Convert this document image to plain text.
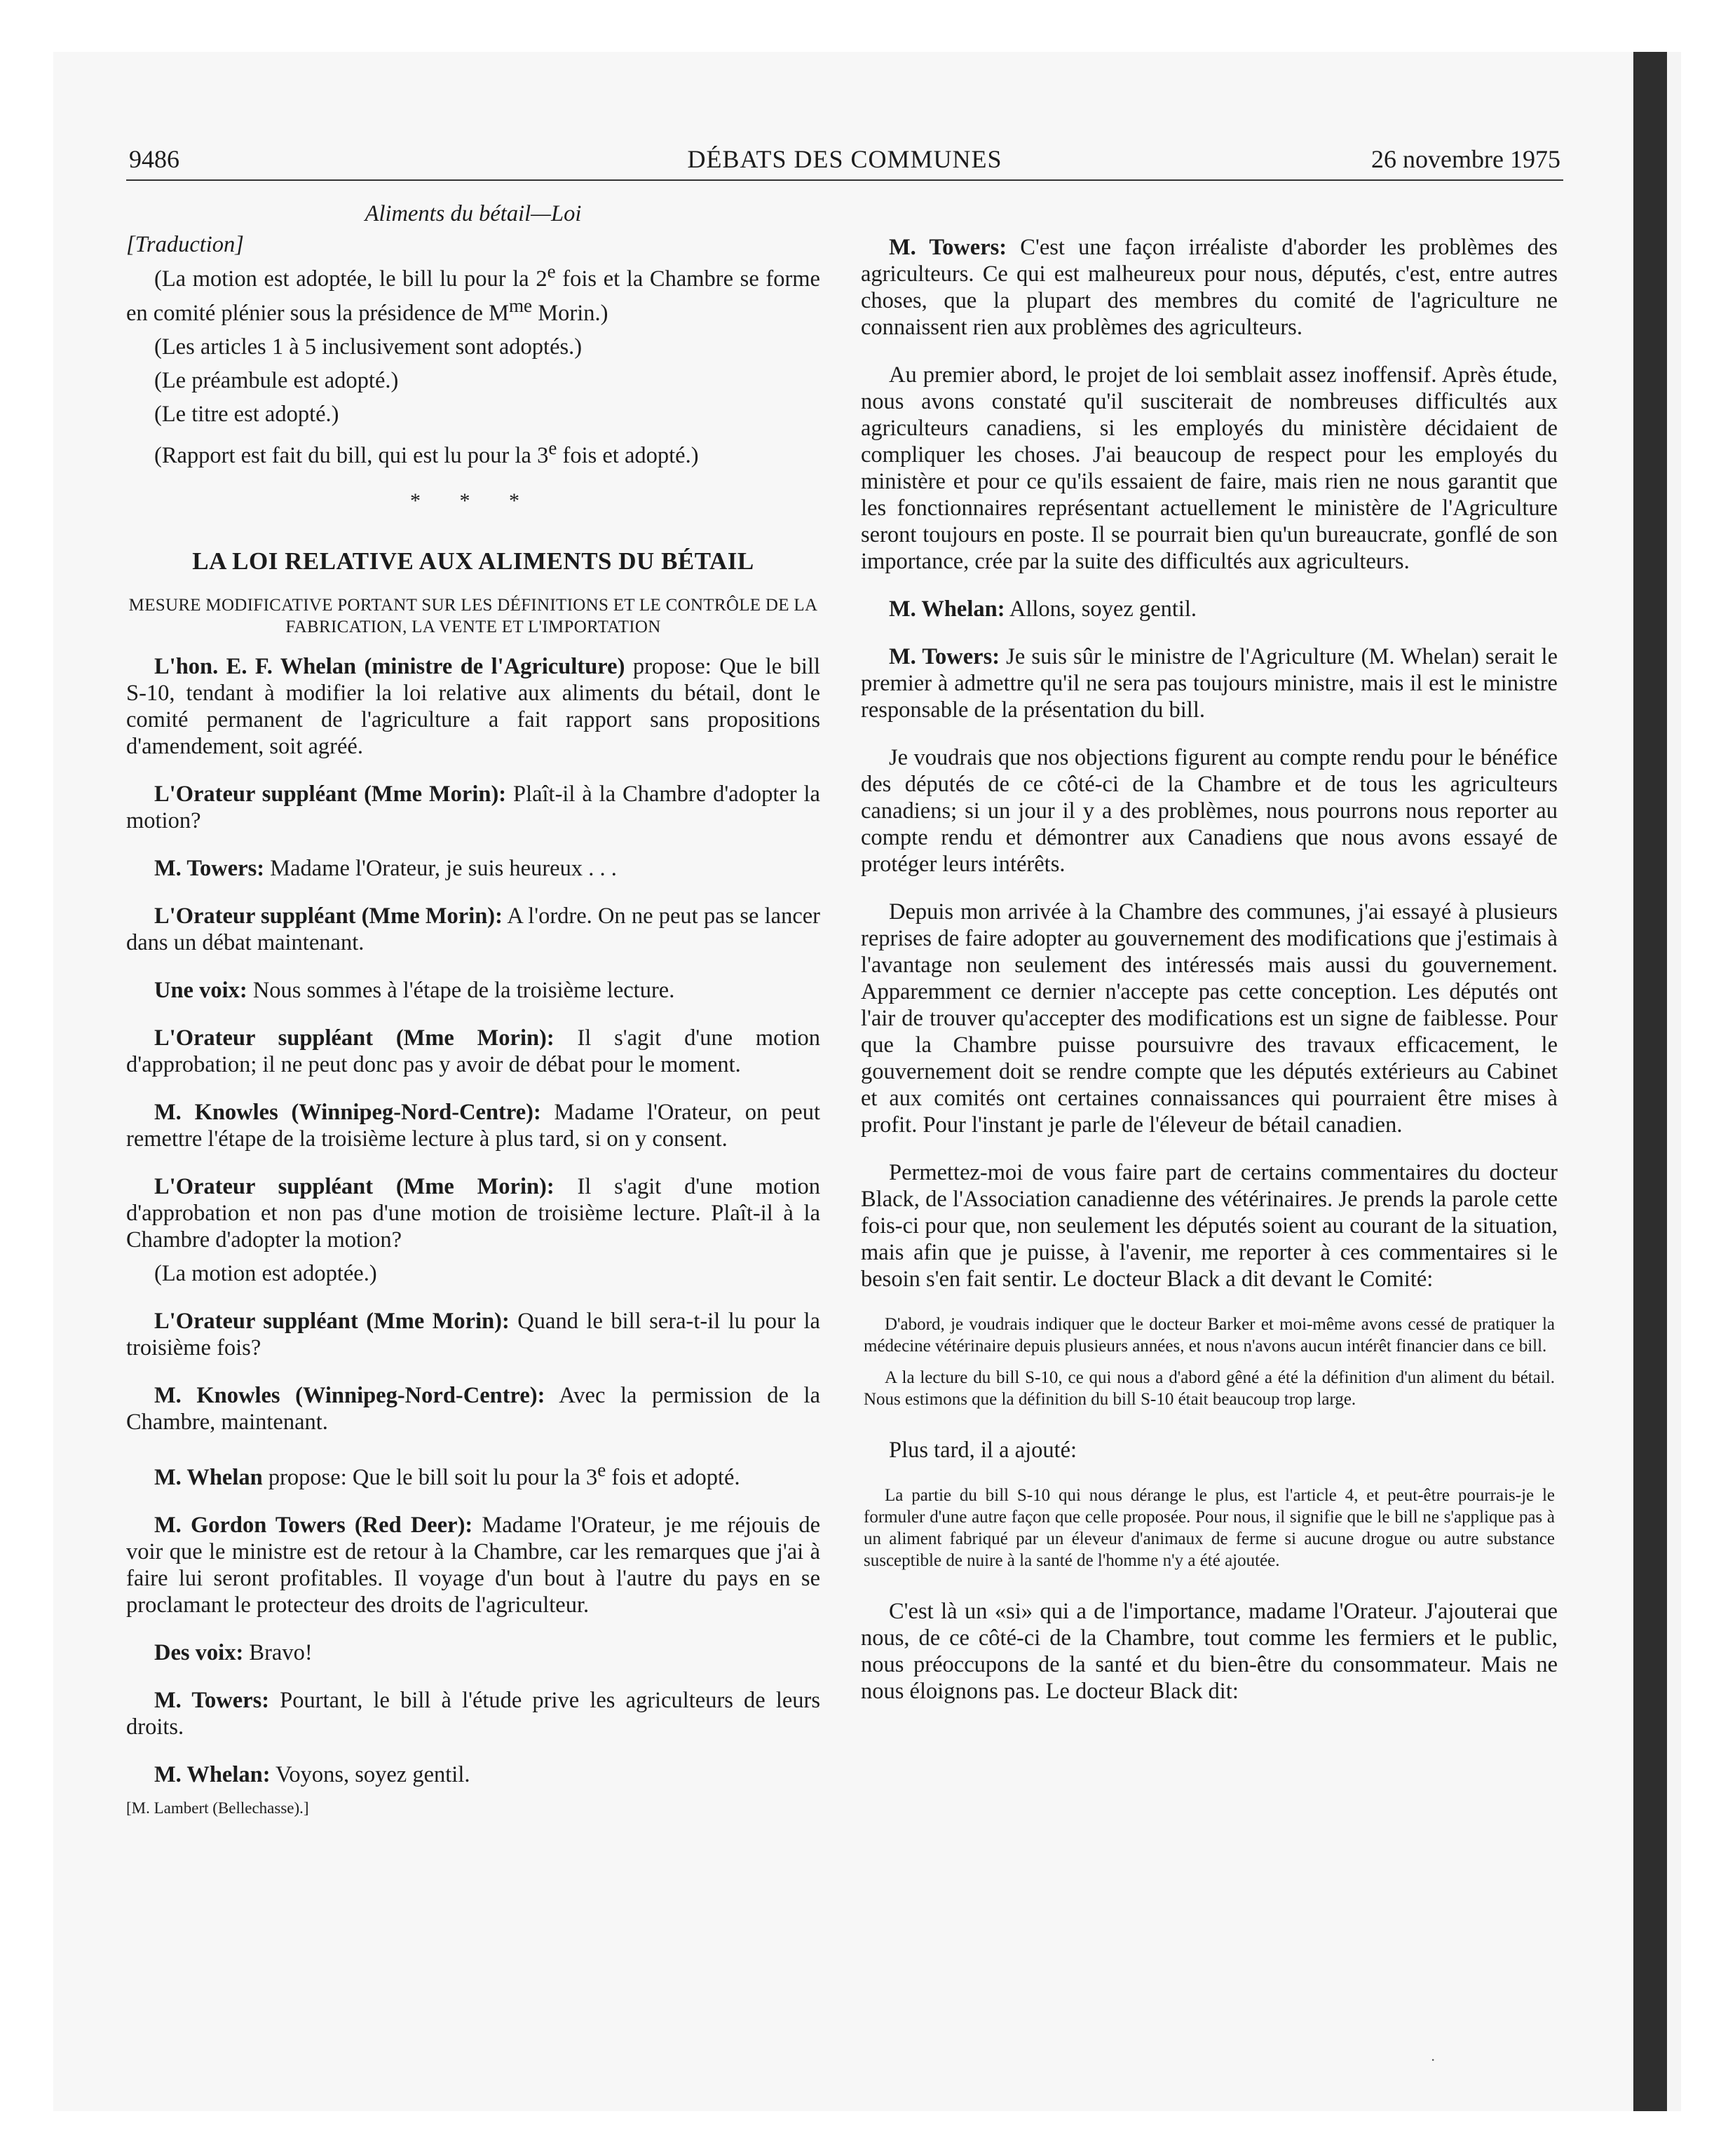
9486	DÉBATS DES COMMUNES	26 novembre 1975

Aliments du bétail—Loi

[Traduction]

(La motion est adoptée, le bill lu pour la 2e fois et la Chambre se forme en comité plénier sous la présidence de $M^{me}$ Morin.)

(Les articles 1 à 5 inclusivement sont adoptés.)

(Le préambule est adopté.)

(Le titre est adopté.)

(Rapport est fait du bill, qui est lu pour la 3e fois et adopté.)

* * *

LA LOI RELATIVE AUX ALIMENTS DU BÉTAIL

MESURE MODIFICATIVE PORTANT SUR LES DÉFINITIONS ET LE CONTRÔLE DE LA FABRICATION, LA VENTE ET L'IMPORTATION

L'hon. E. F. Whelan (ministre de l'Agriculture) propose: Que le bill S-10, tendant à modifier la loi relative aux aliments du bétail, dont le comité permanent de l'agriculture a fait rapport sans propositions d'amendement, soit agréé.

L'Orateur suppléant (Mme Morin): Plaît-il à la Chambre d'adopter la motion?

M. Towers: Madame l'Orateur, je suis heureux . . .

L'Orateur suppléant (Mme Morin): A l'ordre. On ne peut pas se lancer dans un débat maintenant.

Une voix: Nous sommes à l'étape de la troisième lecture.

L'Orateur suppléant (Mme Morin): Il s'agit d'une motion d'approbation; il ne peut donc pas y avoir de débat pour le moment.

M. Knowles (Winnipeg-Nord-Centre): Madame l'Orateur, on peut remettre l'étape de la troisième lecture à plus tard, si on y consent.

L'Orateur suppléant (Mme Morin): Il s'agit d'une motion d'approbation et non pas d'une motion de troisième lecture. Plaît-il à la Chambre d'adopter la motion?

(La motion est adoptée.)

L'Orateur suppléant (Mme Morin): Quand le bill sera-t-il lu pour la troisième fois?

M. Knowles (Winnipeg-Nord-Centre): Avec la permission de la Chambre, maintenant.

M. Whelan propose: Que le bill soit lu pour la 3e fois et adopté.

M. Gordon Towers (Red Deer): Madame l'Orateur, je me réjouis de voir que le ministre est de retour à la Chambre, car les remarques que j'ai à faire lui seront profitables. Il voyage d'un bout à l'autre du pays en se proclamant le protecteur des droits de l'agriculteur.

Des voix: Bravo!

M. Towers: Pourtant, le bill à l'étude prive les agriculteurs de leurs droits.

M. Whelan: Voyons, soyez gentil.

[M. Lambert (Bellechasse).]

M. Towers: C'est une façon irréaliste d'aborder les problèmes des agriculteurs. Ce qui est malheureux pour nous, députés, c'est, entre autres choses, que la plupart des membres du comité de l'agriculture ne connaissent rien aux problèmes des agriculteurs.

Au premier abord, le projet de loi semblait assez inoffensif. Après étude, nous avons constaté qu'il susciterait de nombreuses difficultés aux agriculteurs canadiens, si les employés du ministère décidaient de compliquer les choses. J'ai beaucoup de respect pour les employés du ministère et pour ce qu'ils essaient de faire, mais rien ne nous garantit que les fonctionnaires représentant actuellement le ministère de l'Agriculture seront toujours en poste. Il se pourrait bien qu'un bureaucrate, gonflé de son importance, crée par la suite des difficultés aux agriculteurs.

M. Whelan: Allons, soyez gentil.

M. Towers: Je suis sûr le ministre de l'Agriculture (M. Whelan) serait le premier à admettre qu'il ne sera pas toujours ministre, mais il est le ministre responsable de la présentation du bill.

Je voudrais que nos objections figurent au compte rendu pour le bénéfice des députés de ce côté-ci de la Chambre et de tous les agriculteurs canadiens; si un jour il y a des problèmes, nous pourrons nous reporter au compte rendu et démontrer aux Canadiens que nous avons essayé de protéger leurs intérêts.

Depuis mon arrivée à la Chambre des communes, j'ai essayé à plusieurs reprises de faire adopter au gouvernement des modifications que j'estimais à l'avantage non seulement des intéressés mais aussi du gouvernement. Apparemment ce dernier n'accepte pas cette conception. Les députés ont l'air de trouver qu'accepter des modifications est un signe de faiblesse. Pour que la Chambre puisse poursuivre des travaux efficacement, le gouvernement doit se rendre compte que les députés extérieurs au Cabinet et aux comités ont certaines connaissances qui pourraient être mises à profit. Pour l'instant je parle de l'éleveur de bétail canadien.

Permettez-moi de vous faire part de certains commentaires du docteur Black, de l'Association canadienne des vétérinaires. Je prends la parole cette fois-ci pour que, non seulement les députés soient au courant de la situation, mais afin que je puisse, à l'avenir, me reporter à ces commentaires si le besoin s'en fait sentir. Le docteur Black a dit devant le Comité:

D'abord, je voudrais indiquer que le docteur Barker et moi-même avons cessé de pratiquer la médecine vétérinaire depuis plusieurs années, et nous n'avons aucun intérêt financier dans ce bill.

A la lecture du bill S-10, ce qui nous a d'abord gêné a été la définition d'un aliment du bétail. Nous estimons que la définition du bill S-10 était beaucoup trop large.

Plus tard, il a ajouté:

La partie du bill S-10 qui nous dérange le plus, est l'article 4, et peut-être pourrais-je le formuler d'une autre façon que celle proposée. Pour nous, il signifie que le bill ne s'applique pas à un aliment fabriqué par un éleveur d'animaux de ferme si aucune drogue ou autre substance susceptible de nuire à la santé de l'homme n'y a été ajoutée.

C'est là un «si» qui a de l'importance, madame l'Orateur. J'ajouterai que nous, de ce côté-ci de la Chambre, tout comme les fermiers et le public, nous préoccupons de la santé et du bien-être du consommateur. Mais ne nous éloignons pas. Le docteur Black dit:

.
